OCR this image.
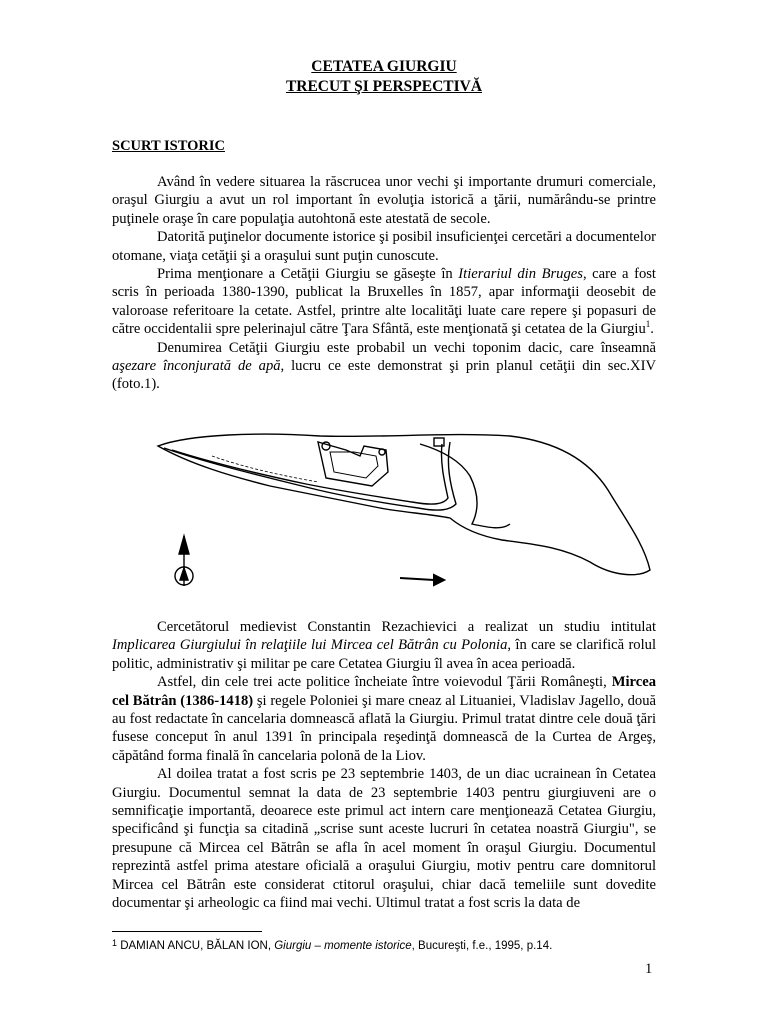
CETATEA GIURGIU
TRECUT ŞI PERSPECTIVĂ
SCURT ISTORIC

Având în vedere situarea la răscrucea unor vechi şi importante drumuri comerciale, oraşul Giurgiu a avut un rol important în evoluţia istorică a ţării, numărându-se printre puţinele oraşe în care populaţia autohtonă este atestată de secole.

Datorită puţinelor documente istorice şi posibil insuficienţei cercetări a documentelor otomane, viaţa cetăţii şi a oraşului sunt puţin cunoscute.

Prima menţionare a Cetăţii Giurgiu se găseşte în Itierariul din Bruges, care a fost scris în perioada 1380-1390, publicat la Bruxelles în 1857, apar informaţii deosebit de valoroase referitoare la cetate. Astfel, printre alte localităţi luate care repere şi popasuri de către occidentalii spre pelerinajul către Ţara Sfântă, este menţionată şi cetatea de la Giurgiu$^1$.

Denumirea Cetăţii Giurgiu este probabil un vechi toponim dacic, care înseamnă aşezare înconjurată de apă, lucru ce este demonstrat şi prin planul cetăţii din sec.XIV (foto.1).

Cercetătorul medievist Constantin Rezachievici a realizat un studiu intitulat Implicarea Giurgiului în relaţiile lui Mircea cel Bătrân cu Polonia, în care se clarifică rolul politic, administrativ şi militar pe care Cetatea Giurgiu îl avea în acea perioadă.

Astfel, din cele trei acte politice încheiate între voievodul Ţării Româneşti, Mircea cel Bătrân (1386-1418) şi regele Poloniei şi mare cneaz al Lituaniei, Vladislav Jagello, două au fost redactate în cancelaria domnească aflată la Giurgiu. Primul tratat dintre cele două ţări fusese conceput în anul 1391 în principala reşedinţă domnească de la Curtea de Argeş, căpătând forma finală în cancelaria polonă de la Liov.

Al doilea tratat a fost scris pe 23 septembrie 1403, de un diac ucrainean în Cetatea Giurgiu. Documentul semnat la data de 23 septembrie 1403 pentru giurgiuveni are o semnificaţie importantă, deoarece este primul act intern care menţionează Cetatea Giurgiu, specificând şi funcţia sa citadină „scrise sunt aceste lucruri în cetatea noastră Giurgiu", se presupune că Mircea cel Bătrân se afla în acel moment în oraşul Giurgiu. Documentul reprezintă astfel prima atestare oficială a oraşului Giurgiu, motiv pentru care domnitorul Mircea cel Bătrân este considerat ctitorul oraşului, chiar dacă temeliile sunt dovedite documentar şi arheologic ca fiind mai vechi. Ultimul tratat a fost scris la data de

$^1$ DAMIAN ANCU, BĂLAN ION, Giurgiu – momente istorice, Bucureşti, f.e., 1995, p.14.
1
